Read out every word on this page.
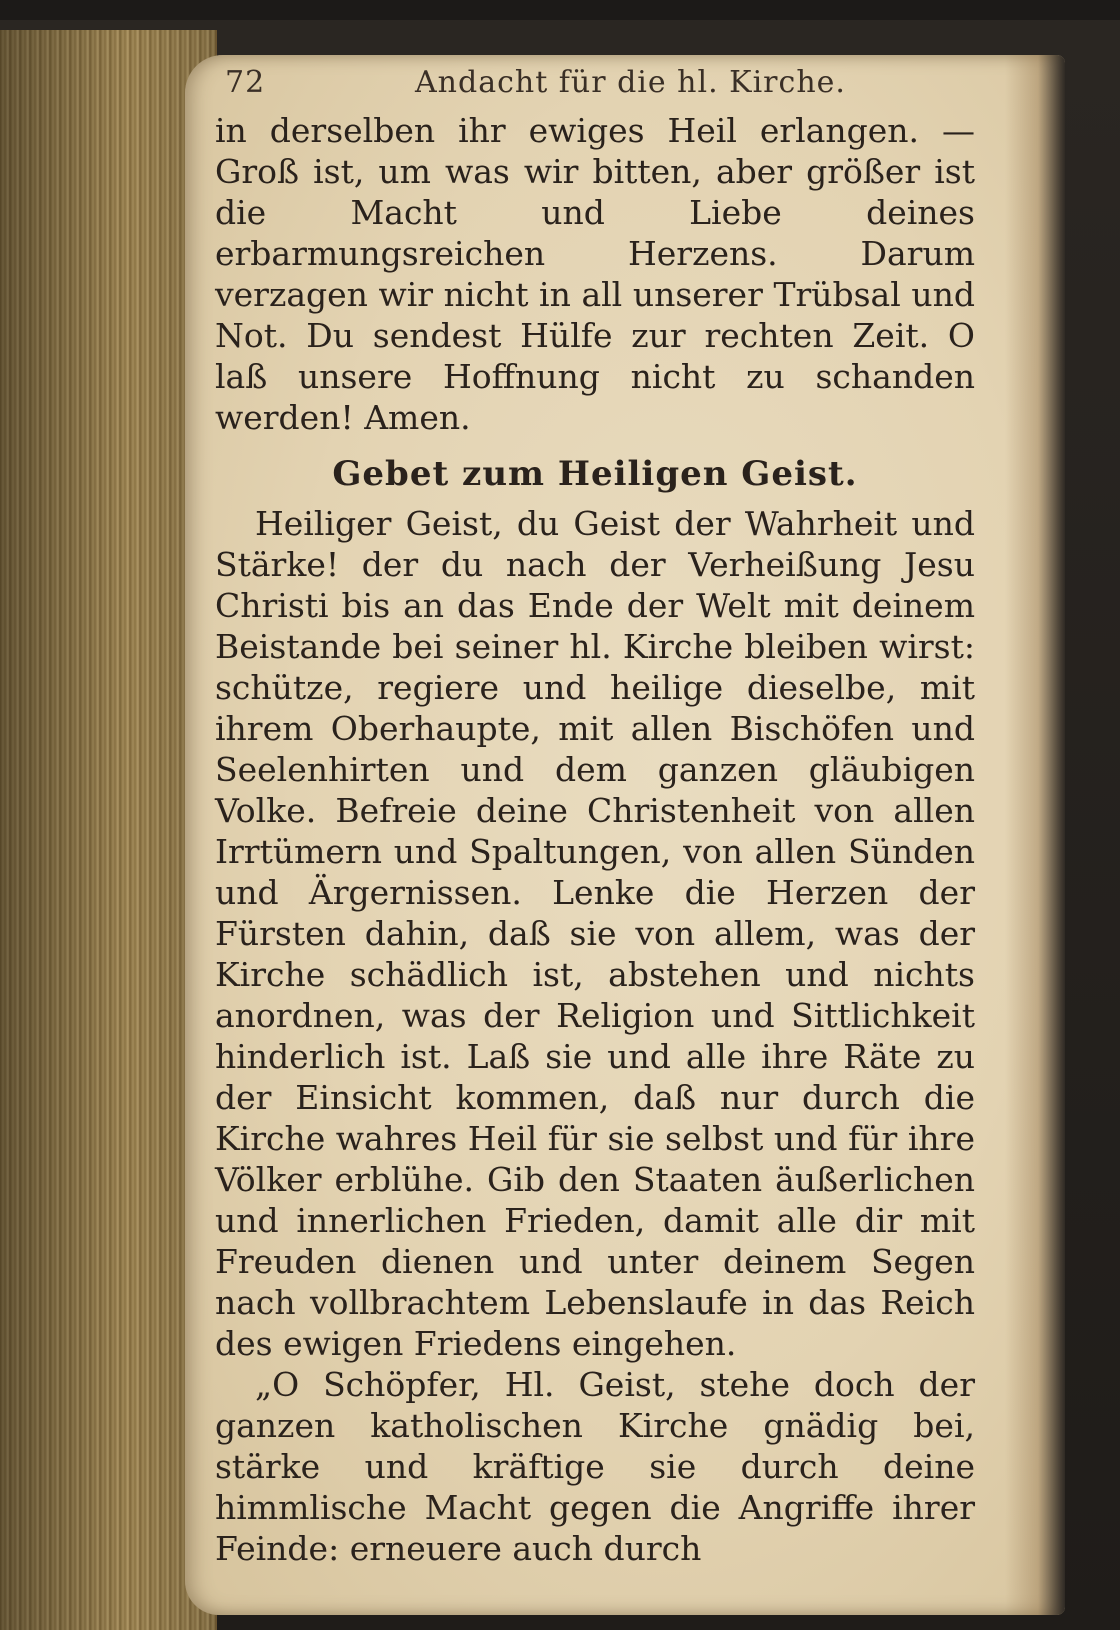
72	Andacht für die hl. Kirche.

in derselben ihr ewiges Heil erlangen. — Groß ist, um was wir bitten, aber größer ist die Macht und Liebe deines erbarmungsreichen Herzens. Darum verzagen wir nicht in all unserer Trübsal und Not. Du sendest Hülfe zur rechten Zeit. O laß unsere Hoffnung nicht zu schanden werden! Amen.

Gebet zum Heiligen Geist.

Heiliger Geist, du Geist der Wahrheit und Stärke! der du nach der Verheißung Jesu Christi bis an das Ende der Welt mit deinem Beistande bei seiner hl. Kirche bleiben wirst: schütze, regiere und heilige dieselbe, mit ihrem Oberhaupte, mit allen Bischöfen und Seelenhirten und dem ganzen gläubigen Volke. Befreie deine Christenheit von allen Irrtümern und Spaltungen, von allen Sünden und Ärgernissen. Lenke die Herzen der Fürsten dahin, daß sie von allem, was der Kirche schädlich ist, abstehen und nichts anordnen, was der Religion und Sittlichkeit hinderlich ist. Laß sie und alle ihre Räte zu der Einsicht kommen, daß nur durch die Kirche wahres Heil für sie selbst und für ihre Völker erblühe. Gib den Staaten äußerlichen und innerlichen Frieden, damit alle dir mit Freuden dienen und unter deinem Segen nach vollbrachtem Lebenslaufe in das Reich des ewigen Friedens eingehen.

„O Schöpfer, Hl. Geist, stehe doch der ganzen katholischen Kirche gnädig bei, stärke und kräftige sie durch deine himmlische Macht gegen die Angriffe ihrer Feinde: erneuere auch durch
